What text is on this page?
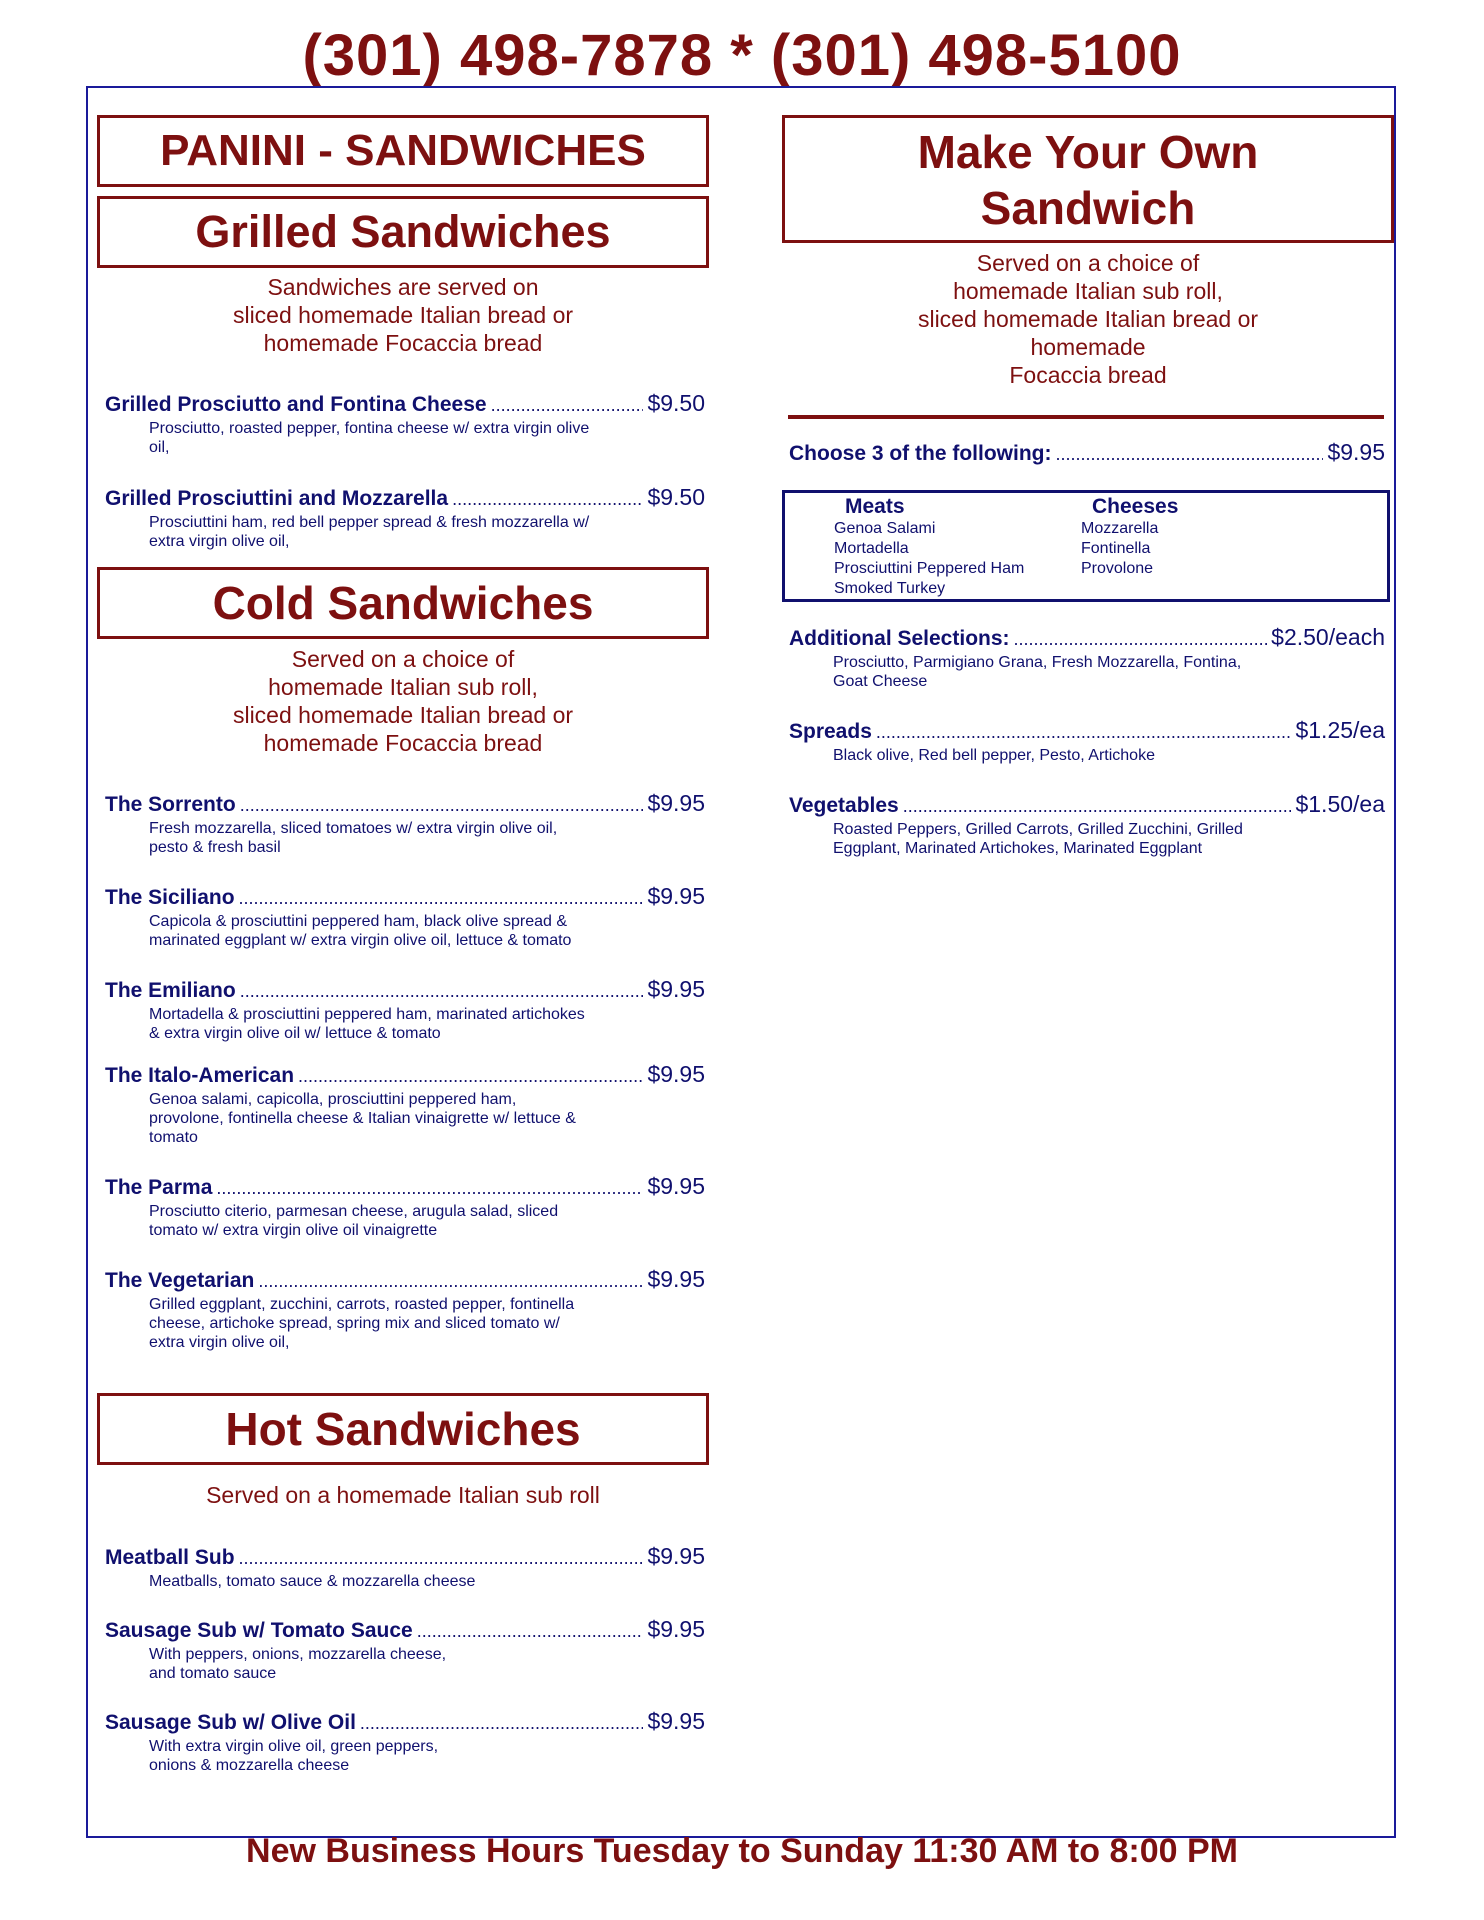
(301) 498-7878 * (301) 498-5100
PANINI - SANDWICHES
Grilled Sandwiches
Sandwiches are served on
sliced homemade Italian bread or
homemade Focaccia bread
Grilled Prosciutto and Fontina Cheese .....	$9.50
Prosciutto, roasted pepper, fontina cheese w/ extra virgin olive
oil,
Grilled Prosciuttini and Mozzarella .....	$9.50
Prosciuttini ham, red bell pepper spread & fresh mozzarella w/
extra virgin olive oil,
Cold Sandwiches
Served on a choice of
homemade Italian sub roll,
sliced homemade Italian bread or
homemade Focaccia bread
The Sorrento .....	$9.95
Fresh mozzarella, sliced tomatoes w/ extra virgin olive oil,
pesto & fresh basil
The Siciliano .....	$9.95
Capicola & prosciuttini peppered ham, black olive spread &
marinated eggplant w/ extra virgin olive oil, lettuce & tomato
The Emiliano .....	$9.95
Mortadella & prosciuttini peppered ham, marinated artichokes
& extra virgin olive oil w/ lettuce & tomato
The Italo-American .....	$9.95
Genoa salami, capicolla, prosciuttini peppered ham,
provolone, fontinella cheese & Italian vinaigrette w/ lettuce &
tomato
The Parma .....	$9.95
Prosciutto citerio, parmesan cheese, arugula salad, sliced
tomato w/ extra virgin olive oil vinaigrette
The Vegetarian .....	$9.95
Grilled eggplant, zucchini, carrots, roasted pepper, fontinella
cheese, artichoke spread, spring mix and sliced tomato w/
extra virgin olive oil,
Hot Sandwiches
Served on a homemade Italian sub roll
Meatball Sub .....	$9.95
Meatballs, tomato sauce & mozzarella cheese
Sausage Sub w/ Tomato Sauce .....	$9.95
With peppers, onions, mozzarella cheese,
and tomato sauce
Sausage Sub w/ Olive Oil .....	$9.95
With extra virgin olive oil, green peppers,
onions & mozzarella cheese
Make Your Own
Sandwich
Served on a choice of
homemade Italian sub roll,
sliced homemade Italian bread or
homemade
Focaccia bread
Choose 3 of the following: .....	$9.95
Meats
Genoa Salami
Mortadella
Prosciuttini Peppered Ham
Smoked Turkey
Cheeses
Mozzarella
Fontinella
Provolone
Additional Selections: .....	$2.50/each
Prosciutto, Parmigiano Grana, Fresh Mozzarella, Fontina,
Goat Cheese
Spreads .....	$1.25/ea
Black olive, Red bell pepper, Pesto, Artichoke
Vegetables .....	$1.50/ea
Roasted Peppers, Grilled Carrots, Grilled Zucchini, Grilled
Eggplant, Marinated Artichokes, Marinated Eggplant
New Business Hours Tuesday to Sunday 11:30 AM to 8:00 PM
